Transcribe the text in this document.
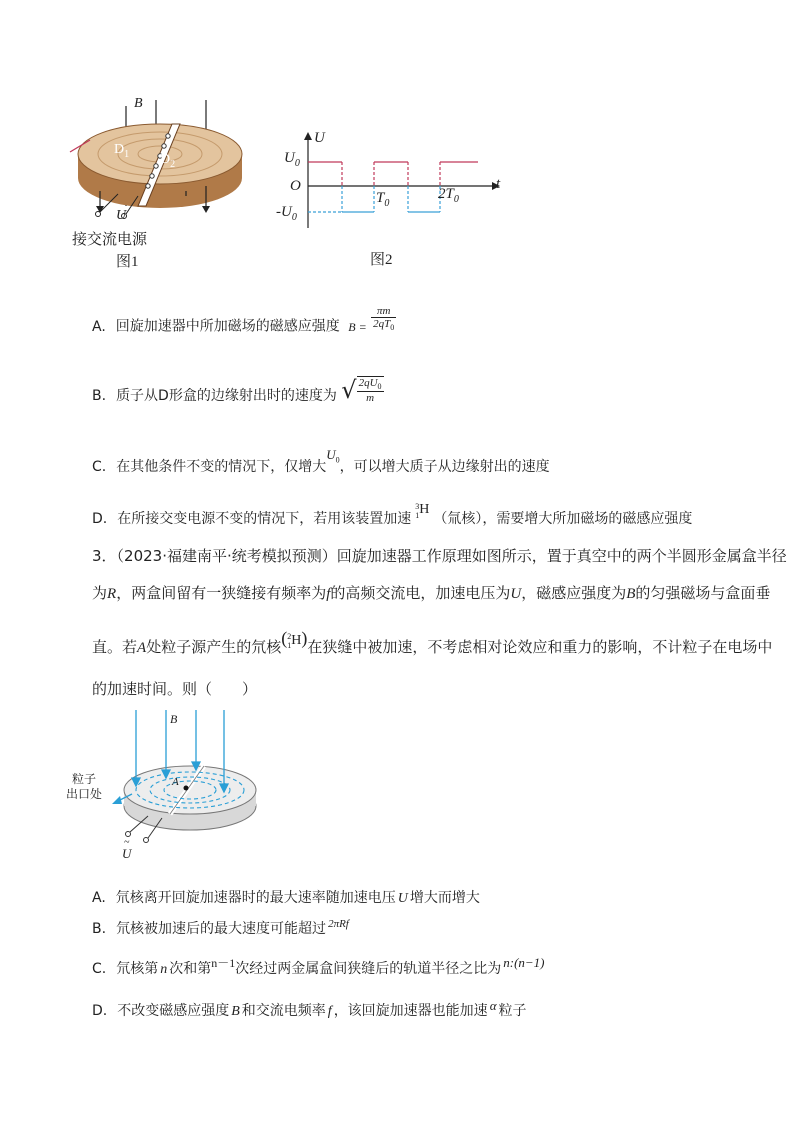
B
$D_1$ $D_2$
U
接交流电源
图1
U
t
O
$U_0$
$-U_0$
$T_0$
$2T_0$
图2
A. 回旋加速器中所加磁场的磁感应强度 $B = \frac{\pi m}{2qT_0}$
B. 质子从D形盒的边缘射出时的速度为 √ $\frac{2qU_0}{m}$
C. 在其他条件不变的情况下，仅增大$U_0$，可以增大质子从边缘射出的速度
D. 在所接交变电源不变的情况下，若用该装置加速
3
1 H（氚核），需要增大所加磁场的磁感应强度
3．（2023·福建南平·统考模拟预测）回旋加速器工作原理如图所示，置于真空中的两个半圆形金属盒半径
为R，两盒间留有一狭缝接有频率为f的高频交流电，加速电压为U，磁感应强度为B的匀强磁场与盒面垂
直。若A处粒子源产生的氘核( 2
1 H)在狭缝中被加速，不考虑相对论效应和重力的影响，不计粒子在电场中
的加速时间。则（　　）
B
A
粒子
出口处
~
U
A. 氘核离开回旋加速器时的最大速率随加速电压 U 增大而增大
B. 氘核被加速后的最大速度可能超过 $^{2\pi Rf}$
C. 氘核第 n 次和第n－1次经过两金属盒间狭缝后的轨道半径之比为 n:(n−1)
D. 不改变磁感应强度 B 和交流电频率 f ，该回旋加速器也能加速 α 粒子
